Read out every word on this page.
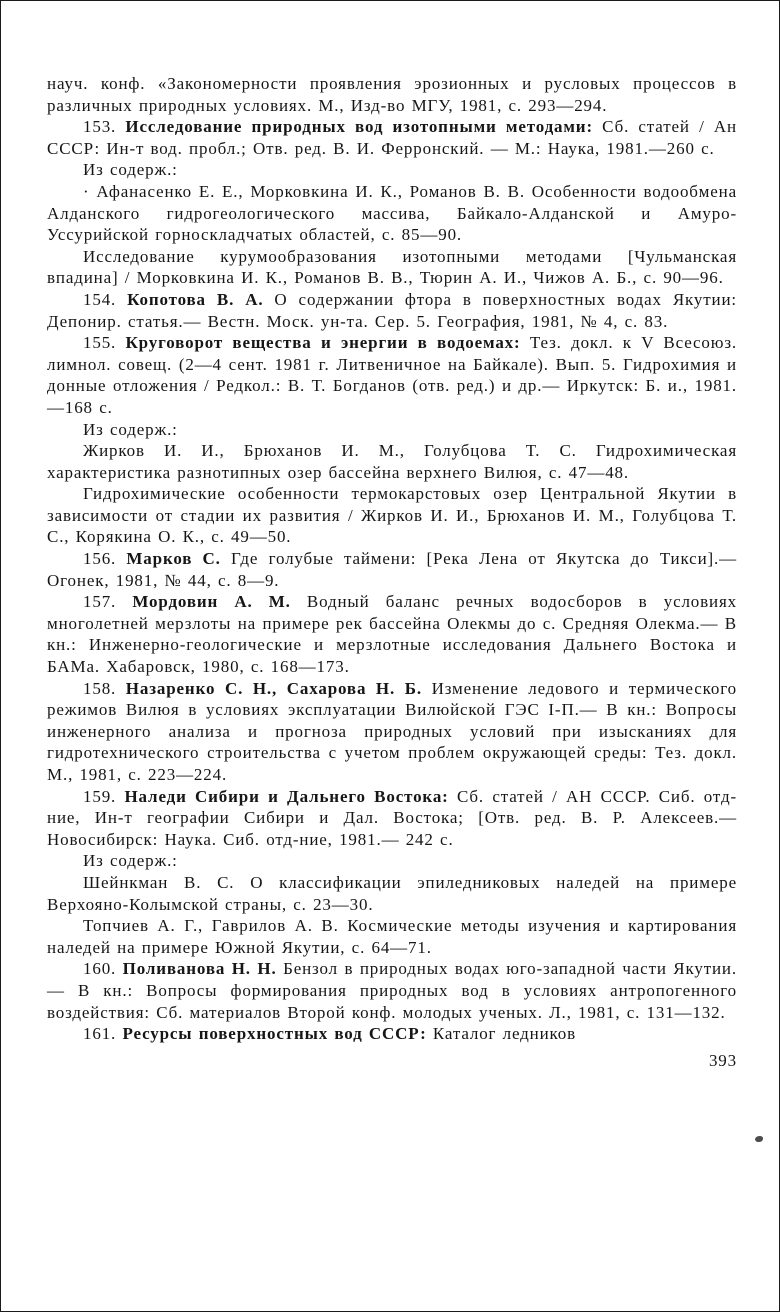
науч. конф. «Закономерности проявления эрозионных и русловых процессов в различных природных условиях. М., Изд-во МГУ, 1981, с. 293—294.

153. Исследование природных вод изотопными методами: Сб. статей / Ан СССР: Ин-т вод. пробл.; Отв. ред. В. И. Ферронский. — М.: Наука, 1981.—260 с.

Из содерж.:

· Афанасенко Е. Е., Морковкина И. К., Романов В. В. Особенности водообмена Алданского гидрогеологического массива, Байкало-Алданской и Амуро-Уссурийской горноскладчатых областей, с. 85—90.

Исследование курумообразования изотопными методами [Чульманская впадина] / Морковкина И. К., Романов В. В., Тюрин А. И., Чижов А. Б., с. 90—96.

154. Копотова В. А. О содержании фтора в поверхностных водах Якутии: Депонир. статья.— Вестн. Моск. ун-та. Сер. 5. География, 1981, № 4, с. 83.

155. Круговорот вещества и энергии в водоемах: Тез. докл. к V Всесоюз. лимнол. совещ. (2—4 сент. 1981 г. Литвеничное на Байкале). Вып. 5. Гидрохимия и донные отложения / Редкол.: В. Т. Богданов (отв. ред.) и др.— Иркутск: Б. и., 1981.—168 с.

Из содерж.:

Жирков И. И., Брюханов И. М., Голубцова Т. С. Гидрохимическая характеристика разнотипных озер бассейна верхнего Вилюя, с. 47—48.

Гидрохимические особенности термокарстовых озер Центральной Якутии в зависимости от стадии их развития / Жирков И. И., Брюханов И. М., Голубцова Т. С., Корякина О. К., с. 49—50.

156. Марков С. Где голубые таймени: [Река Лена от Якутска до Тикси].— Огонек, 1981, № 44, с. 8—9.

157. Мордовин А. М. Водный баланс речных водосборов в условиях многолетней мерзлоты на примере рек бассейна Олекмы до с. Средняя Олекма.— В кн.: Инженерно-геологические и мерзлотные исследования Дальнего Востока и БАМа. Хабаровск, 1980, с. 168—173.

158. Назаренко С. Н., Сахарова Н. Б. Изменение ледового и термического режимов Вилюя в условиях эксплуатации Вилюйской ГЭС I-П.— В кн.: Вопросы инженерного анализа и прогноза природных условий при изысканиях для гидротехнического строительства с учетом проблем окружающей среды: Тез. докл. М., 1981, с. 223—224.

159. Наледи Сибири и Дальнего Востока: Сб. статей / АН СССР. Сиб. отд-ние, Ин-т географии Сибири и Дал. Востока; [Отв. ред. В. Р. Алексеев.— Новосибирск: Наука. Сиб. отд-ние, 1981.— 242 с.

Из содерж.:

Шейнкман В. С. О классификации эпиледниковых наледей на примере Верхояно-Колымской страны, с. 23—30.

Топчиев А. Г., Гаврилов А. В. Космические методы изучения и картирования наледей на примере Южной Якутии, с. 64—71.

160. Поливанова Н. Н. Бензол в природных водах юго-западной части Якутии.— В кн.: Вопросы формирования природных вод в условиях антропогенного воздействия: Сб. материалов Второй конф. молодых ученых. Л., 1981, с. 131—132.

161. Ресурсы поверхностных вод СССР: Каталог ледников

393
